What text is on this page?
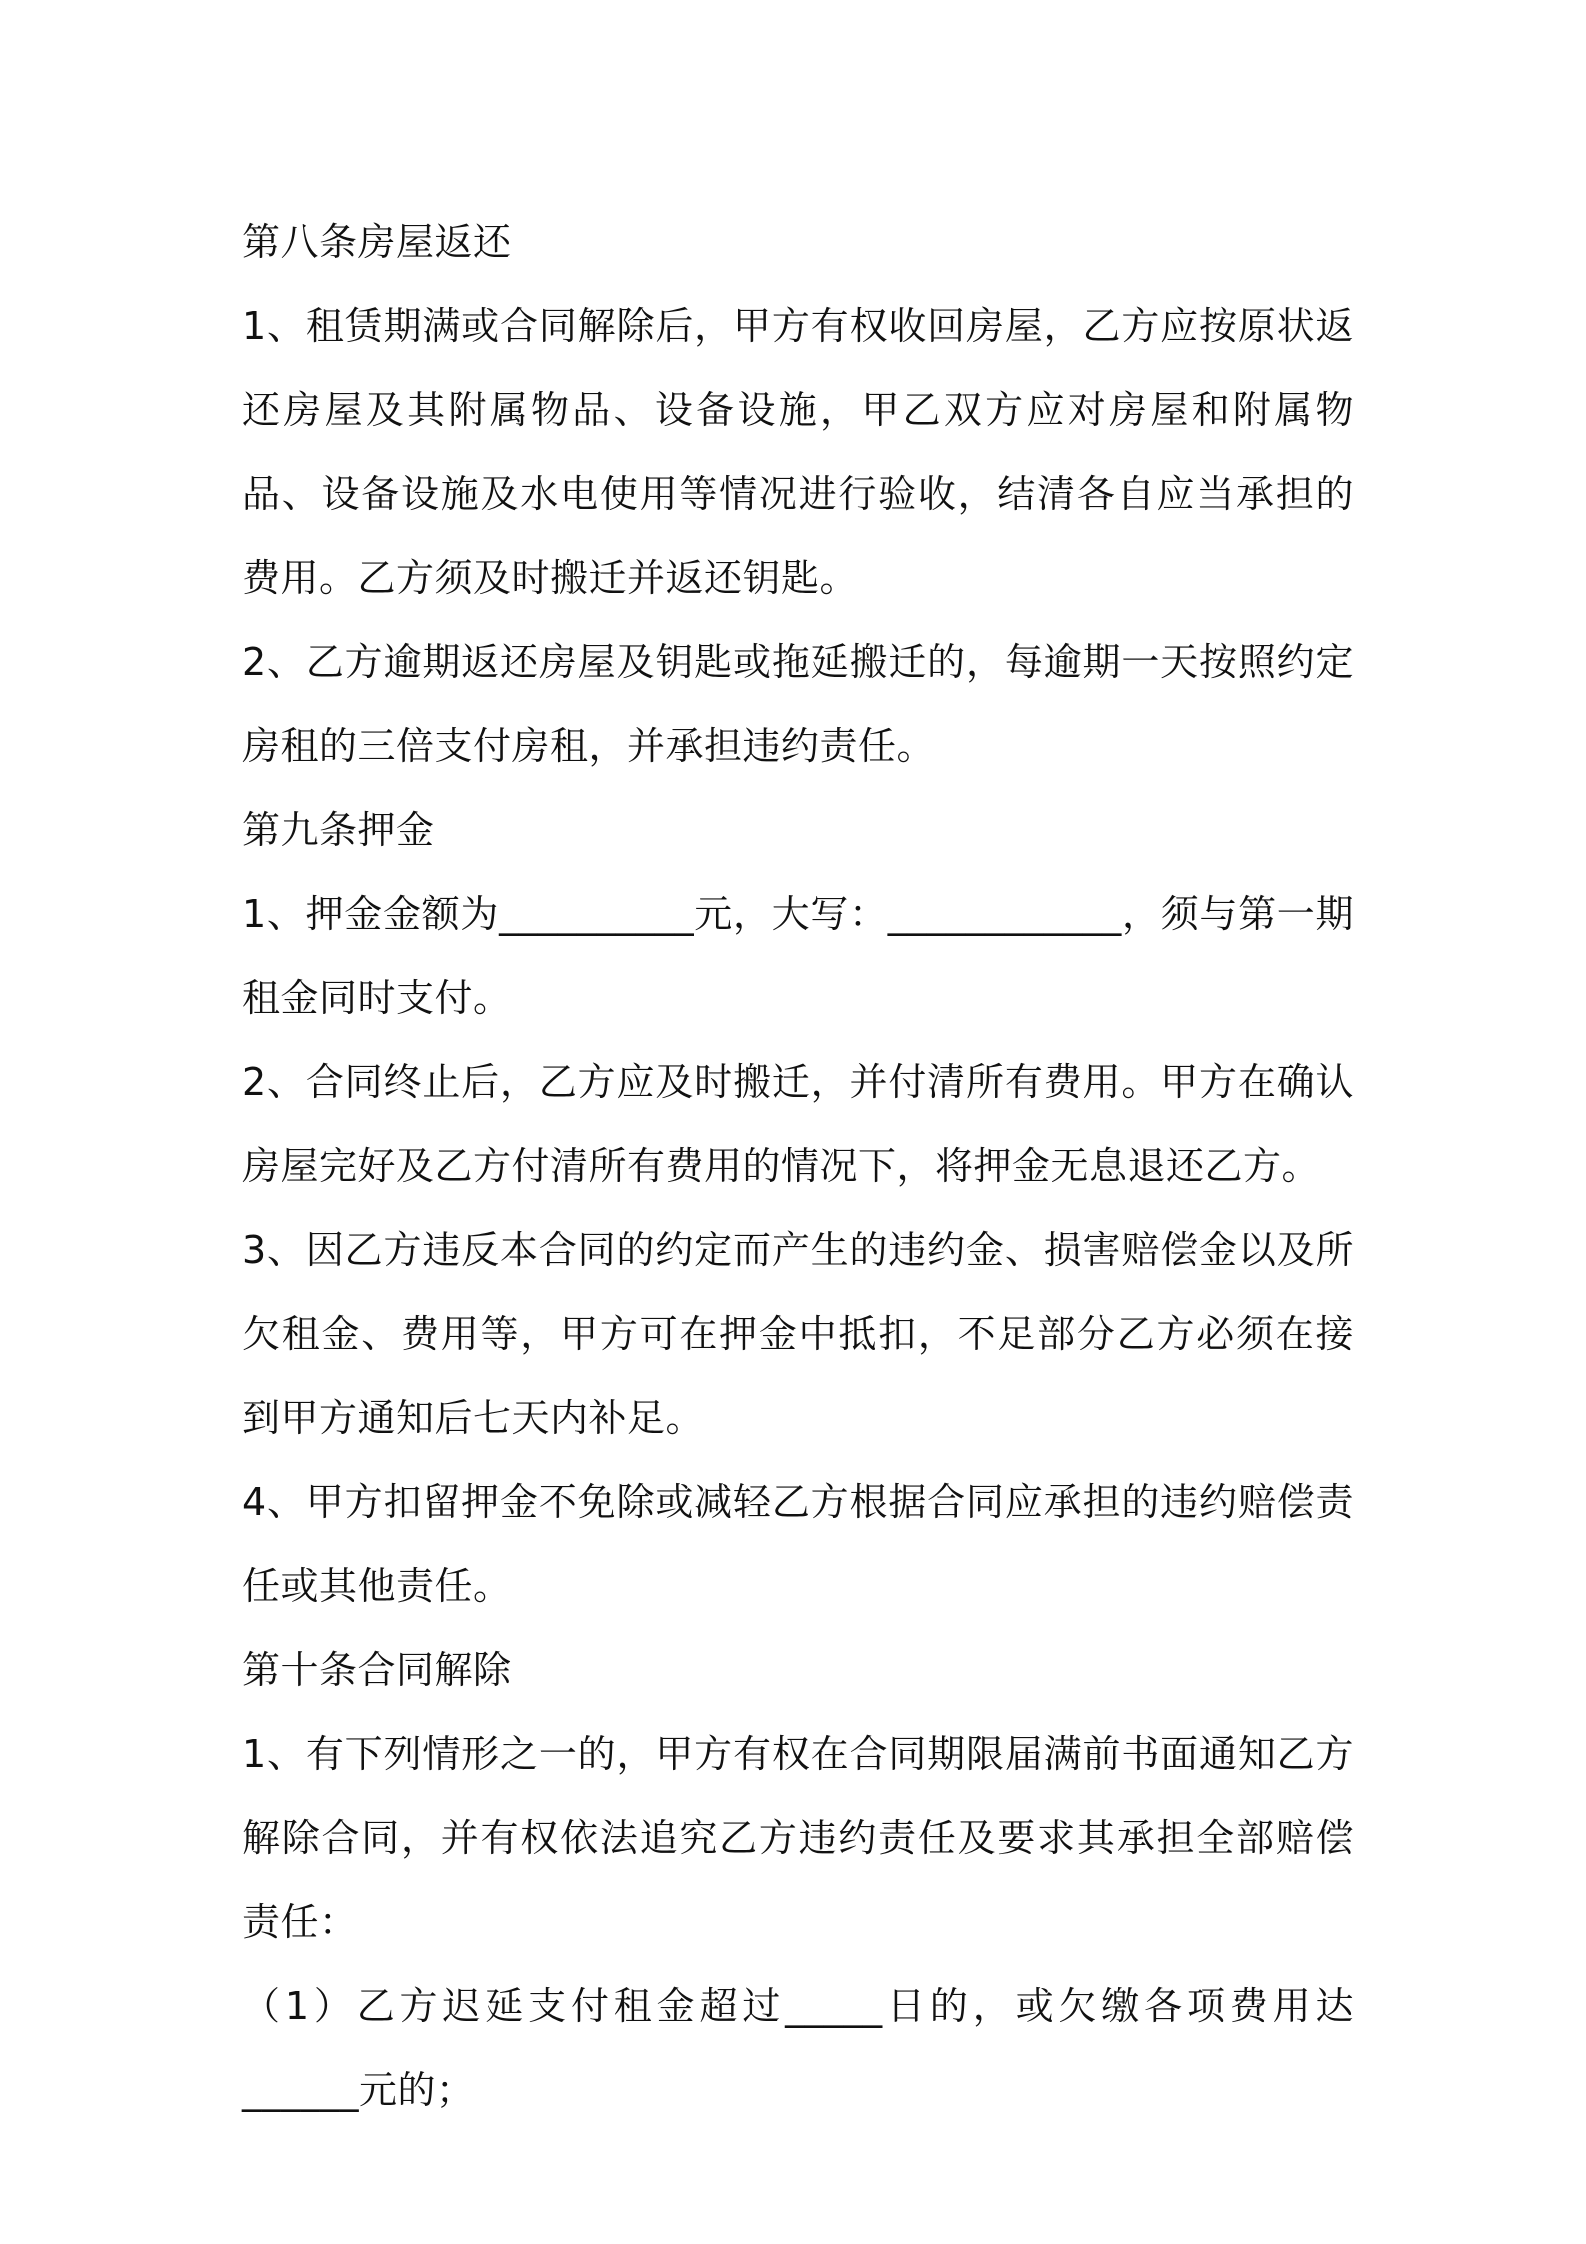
第八条房屋返还

1、租赁期满或合同解除后，甲方有权收回房屋，乙方应按原状返还房屋及其附属物品、设备设施，甲乙双方应对房屋和附属物品、设备设施及水电使用等情况进行验收，结清各自应当承担的费用。乙方须及时搬迁并返还钥匙。

2、乙方逾期返还房屋及钥匙或拖延搬迁的，每逾期一天按照约定房租的三倍支付房租，并承担违约责任。

第九条押金

1、押金金额为__________元，大写：____________，须与第一期租金同时支付。

2、合同终止后，乙方应及时搬迁，并付清所有费用。甲方在确认房屋完好及乙方付清所有费用的情况下，将押金无息退还乙方。

3、因乙方违反本合同的约定而产生的违约金、损害赔偿金以及所欠租金、费用等，甲方可在押金中抵扣，不足部分乙方必须在接到甲方通知后七天内补足。

4、甲方扣留押金不免除或减轻乙方根据合同应承担的违约赔偿责任或其他责任。

第十条合同解除

1、有下列情形之一的，甲方有权在合同期限届满前书面通知乙方解除合同，并有权依法追究乙方违约责任及要求其承担全部赔偿责任：

（1）乙方迟延支付租金超过_____日的，或欠缴各项费用达______元的；
